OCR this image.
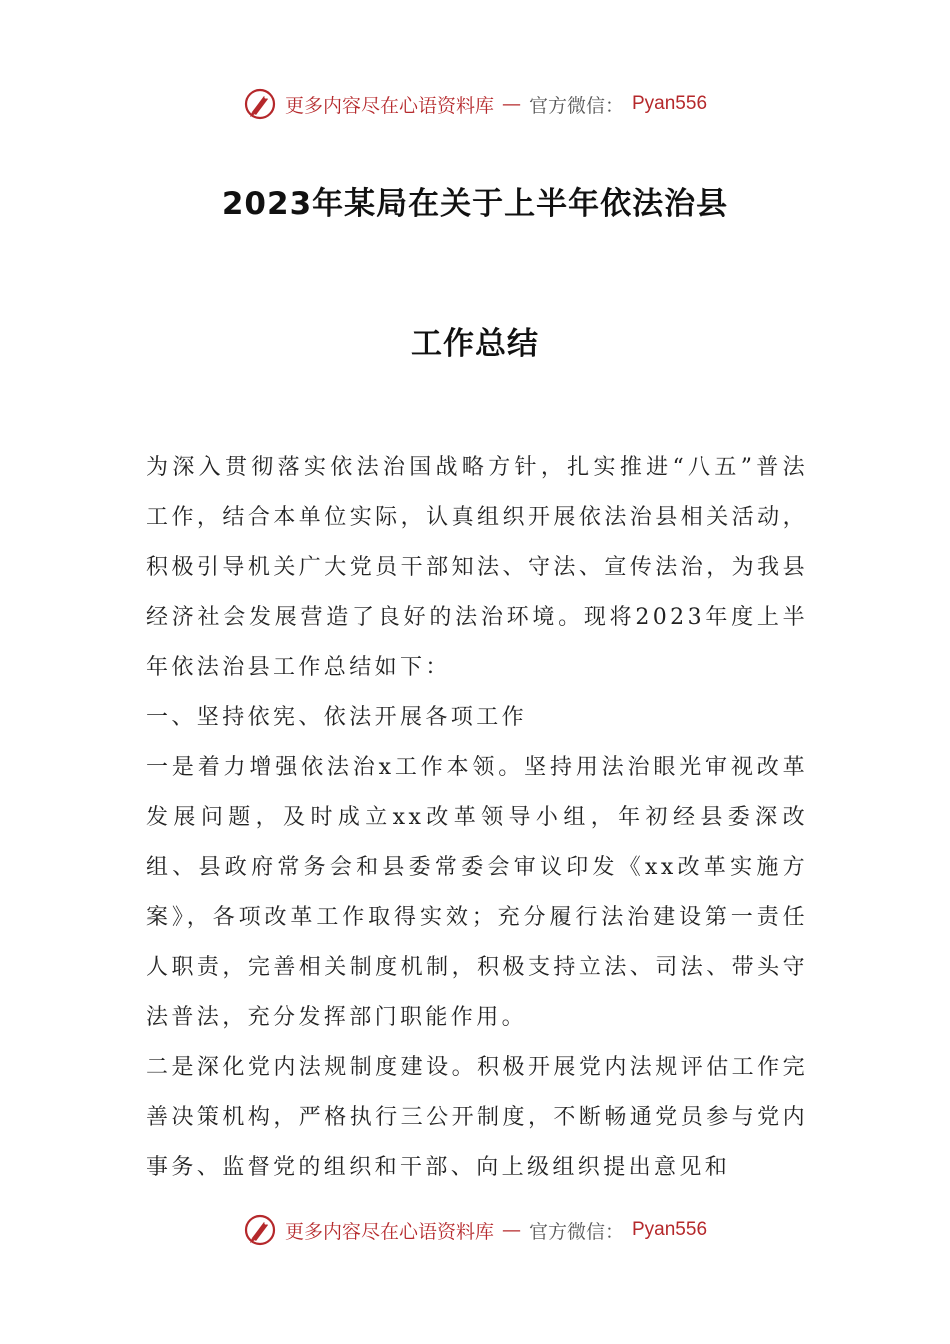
更多内容尽在心语资料库 — 官方微信： Pyan556
2023年某局在关于上半年依法治县
工作总结

为深入贯彻落实依法治国战略方针，扎实推进“八五”普法工作，结合本单位实际，认真组织开展依法治县相关活动，积极引导机关广大党员干部知法、守法、宣传法治，为我县经济社会发展营造了良好的法治环境。现将2023年度上半年依法治县工作总结如下：

一、坚持依宪、依法开展各项工作

一是着力增强依法治x工作本领。坚持用法治眼光审视改革发展问题，及时成立xx改革领导小组，年初经县委深改组、县政府常务会和县委常委会审议印发《xx改革实施方案》，各项改革工作取得实效；充分履行法治建设第一责任人职责，完善相关制度机制，积极支持立法、司法、带头守法普法，充分发挥部门职能作用。

二是深化党内法规制度建设。积极开展党内法规评估工作完善决策机构，严格执行三公开制度，不断畅通党员参与党内事务、监督党的组织和干部、向上级组织提出意见和

更多内容尽在心语资料库 — 官方微信： Pyan556
